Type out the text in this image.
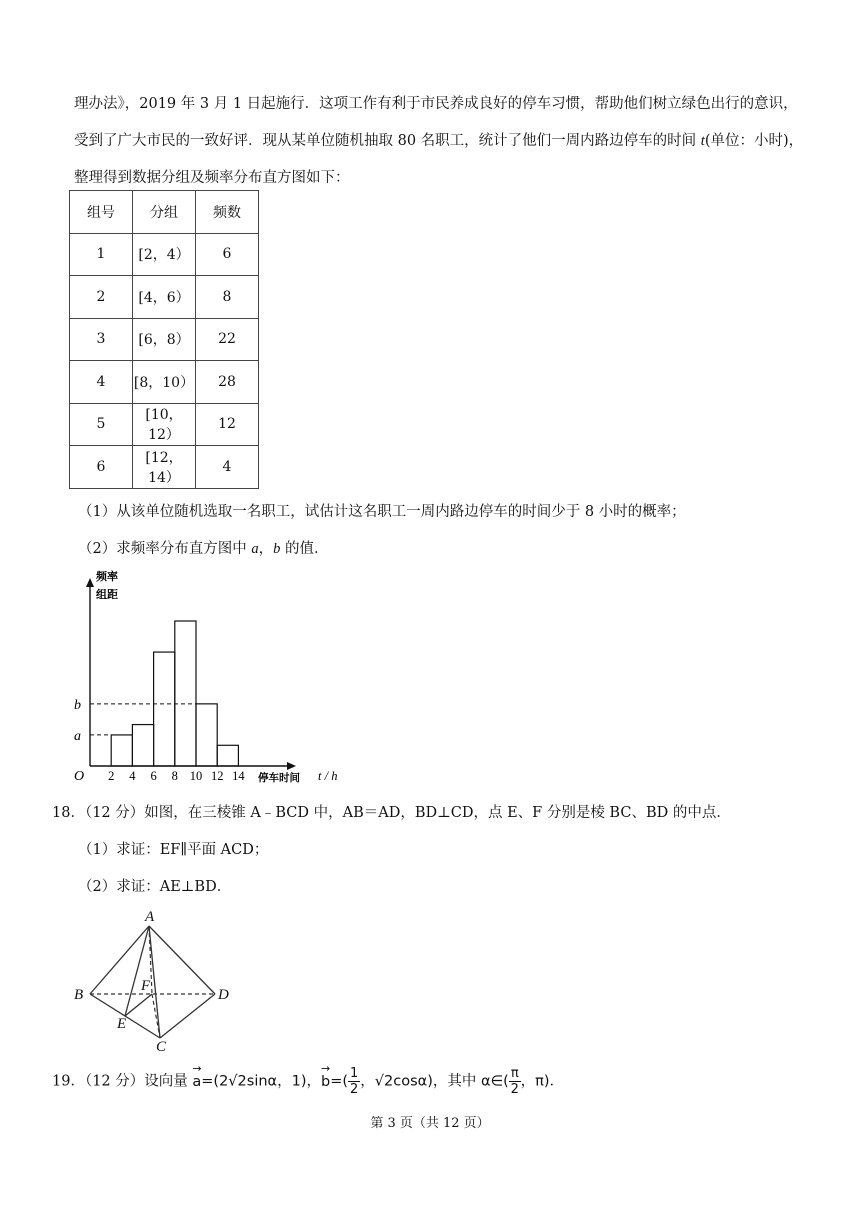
理办法》，2019 年 3 月 1 日起施行．这项工作有利于市民养成良好的停车习惯，帮助他们树立绿色出行的意识，
受到了广大市民的一致好评．现从某单位随机抽取 80 名职工，统计了他们一周内路边停车的时间 t(单位：小时)，
整理得到数据分组及频率分布直方图如下：
组号	分组	频数
1	[2，4）	6
2	[4，6）	8
3	[6，8）	22
4	[8，10）	28
5	[10，12）	12
6	[12，14）	4
（1）从该单位随机选取一名职工，试估计这名职工一周内路边停车的时间少于 8 小时的概率；
（2）求频率分布直方图中 a，b 的值．
b
a
2 4 6 8 10 12 14
O
频率
组距
停车时间 t / h
18．（12 分）如图，在三棱锥 A﹣BCD 中，AB＝AD，BD⊥CD，点 E、F 分别是棱 BC、BD 的中点．
（1）求证：EF∥平面 ACD；
（2）求证：AE⊥BD．
A
B
C
D
E
F
19．（12 分）设向量
→
a=(2√2sinα，1)，
→
$b=( \frac{1}{2}$ ，√2cosα)，其中 α∈( $\frac{\pi}{2}$ ，π)．
第 3 页（共 12 页）
